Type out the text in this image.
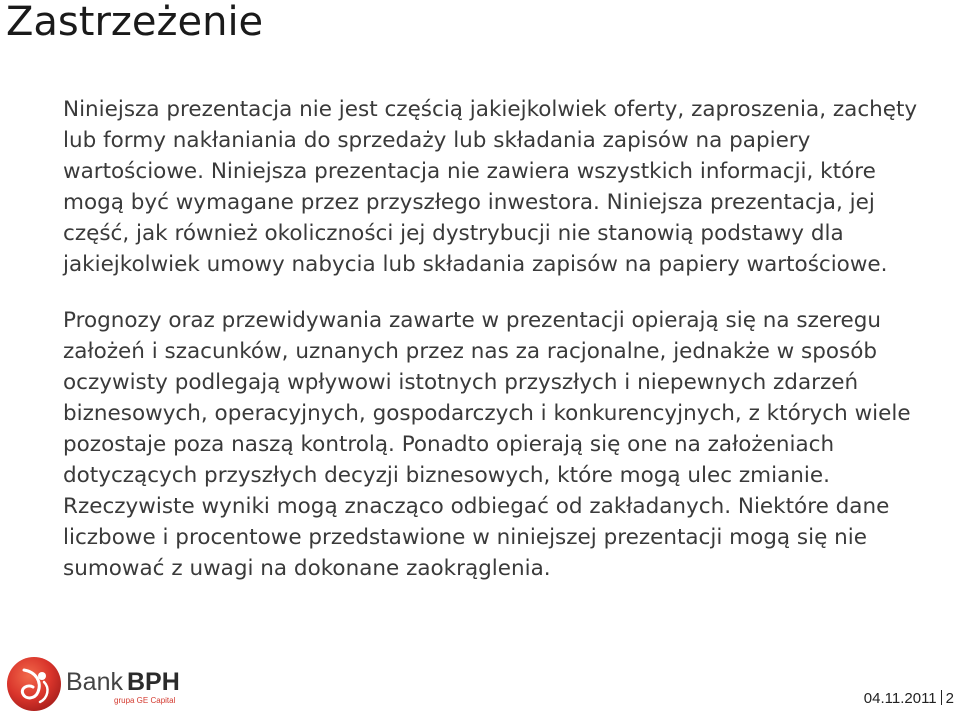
Zastrzeżenie

Niniejsza prezentacja nie jest częścią jakiejkolwiek oferty, zaproszenia, zachęty lub formy nakłaniania do sprzedaży lub składania zapisów na papiery wartościowe. Niniejsza prezentacja nie zawiera wszystkich informacji, które mogą być wymagane przez przyszłego inwestora. Niniejsza prezentacja, jej część, jak również okoliczności jej dystrybucji nie stanowią podstawy dla jakiejkolwiek umowy nabycia lub składania zapisów na papiery wartościowe.

Prognozy oraz przewidywania zawarte w prezentacji opierają się na szeregu założeń i szacunków, uznanych przez nas za racjonalne, jednakże w sposób oczywisty podlegają wpływowi istotnych przyszłych i niepewnych zdarzeń biznesowych, operacyjnych, gospodarczych i konkurencyjnych, z których wiele pozostaje poza naszą kontrolą. Ponadto opierają się one na założeniach dotyczących przyszłych decyzji biznesowych, które mogą ulec zmianie. Rzeczywiste wyniki mogą znacząco odbiegać od zakładanych. Niektóre dane liczbowe i procentowe przedstawione w niniejszej prezentacji mogą się nie sumować z uwagi na dokonane zaokrąglenia.

Bank BPH
grupa GE Capital	04.11.2011 2
